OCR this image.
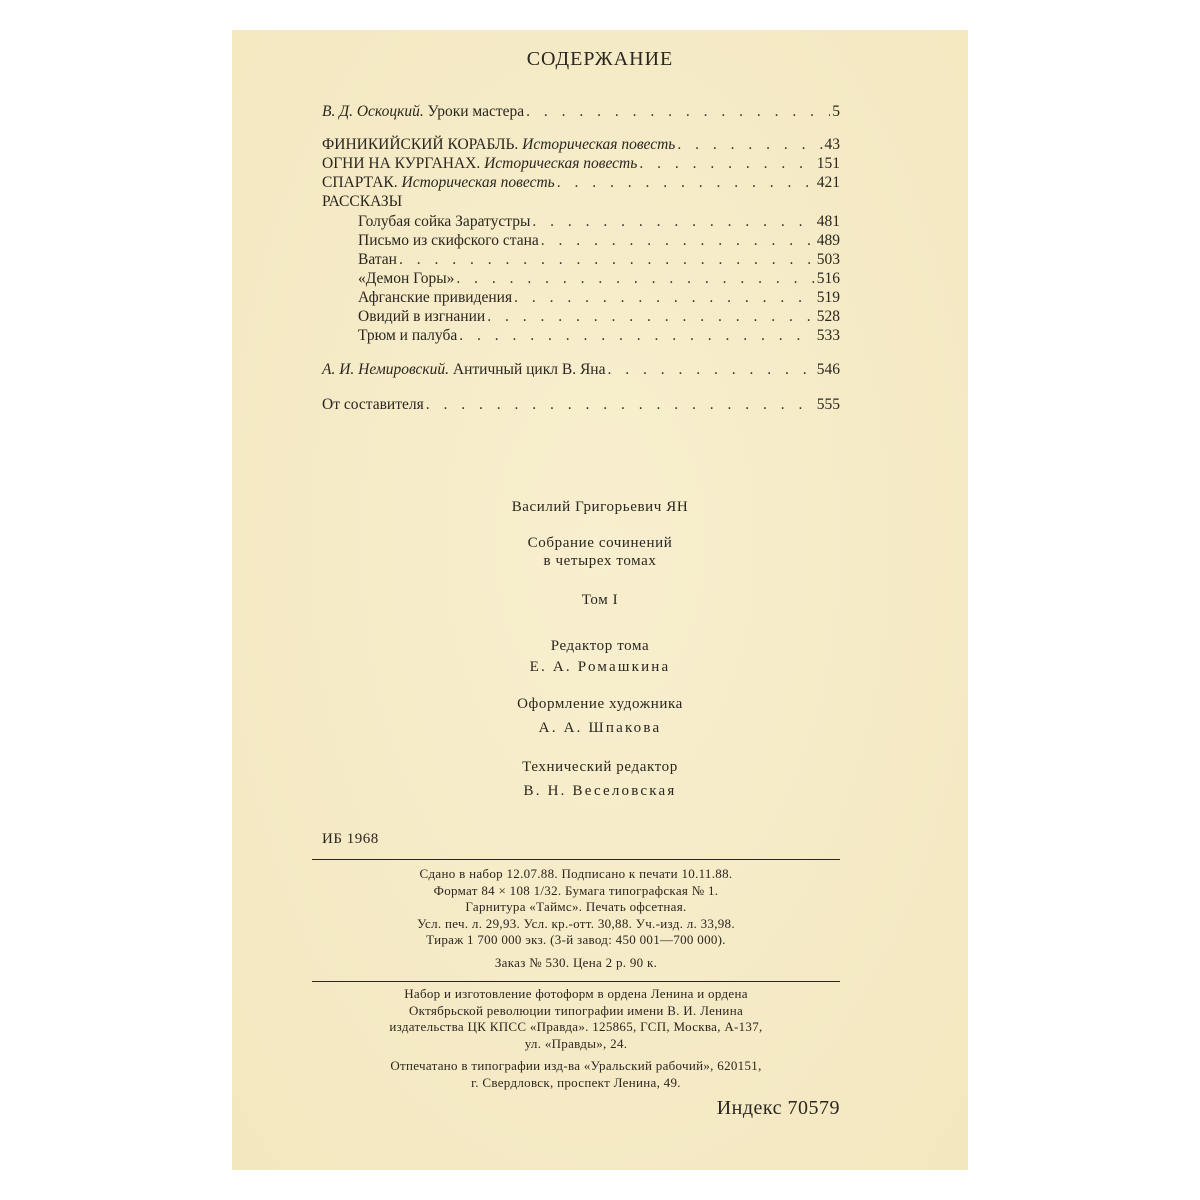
СОДЕРЖАНИЕ
В. Д. Оскоцкий. Уроки мастера . . .	5
ФИНИКИЙСКИЙ КОРАБЛЬ. Историческая повесть . . .	43
ОГНИ НА КУРГАНАХ. Историческая повесть . . .	151
СПАРТАК. Историческая повесть . . .	421
РАССКАЗЫ
Голубая сойка Заратустры . . .	481
Письмо из скифского стана . . .	489
Ватан . . .	503
«Демон Горы» . . .	516
Афганские привидения . . .	519
Овидий в изгнании . . .	528
Трюм и палуба . . .	533
А. И. Немировский. Античный цикл В. Яна . . .	546
От составителя . . .	555
Василий Григорьевич ЯН
Собрание сочинений
в четырех томах
Том I
Редактор тома
Е. А. Ромашкина
Оформление художника
А. А. Шпакова
Технический редактор
В. Н. Веселовская
ИБ 1968
Сдано в набор 12.07.88. Подписано к печати 10.11.88.
Формат 84 × 108 1/32. Бумага типографская № 1.
Гарнитура «Таймс». Печать офсетная.
Усл. печ. л. 29,93. Усл. кр.-отт. 30,88. Уч.-изд. л. 33,98.
Тираж 1 700 000 экз. (3-й завод: 450 001—700 000).
Заказ № 530. Цена 2 р. 90 к.
Набор и изготовление фотоформ в ордена Ленина и ордена
Октябрьской революции типографии имени В. И. Ленина
издательства ЦК КПСС «Правда». 125865, ГСП, Москва, А-137,
ул. «Правды», 24.
Отпечатано в типографии изд-ва «Уральский рабочий», 620151,
г. Свердловск, проспект Ленина, 49.
Индекс 70579
